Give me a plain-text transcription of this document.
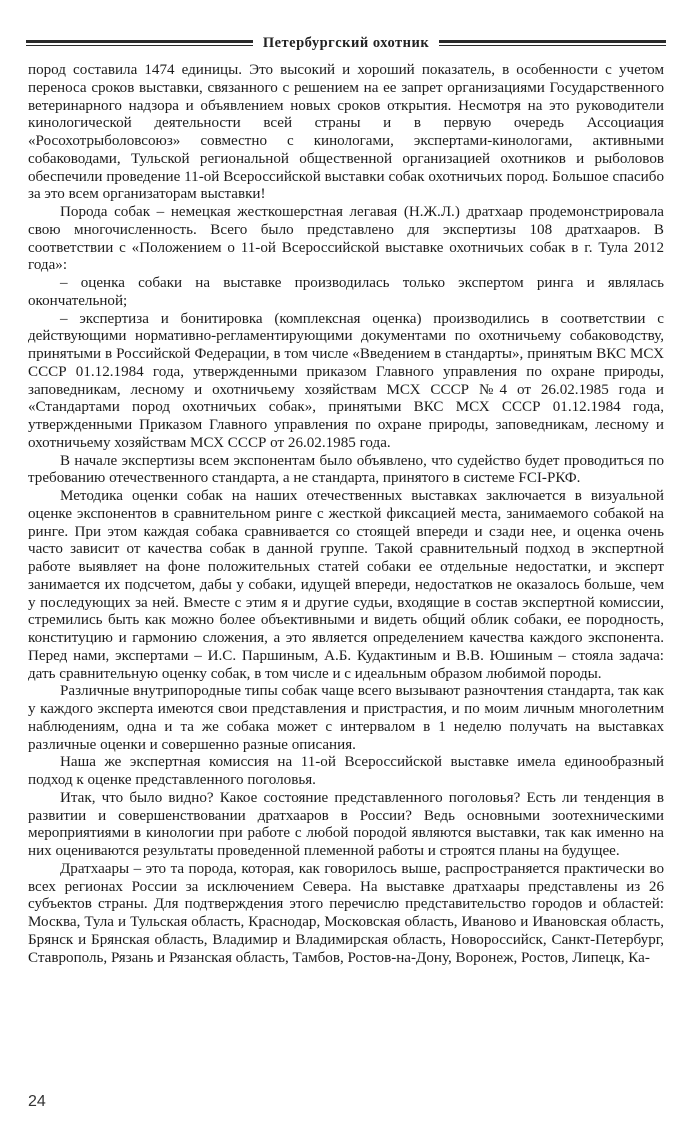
Петербургский охотник

пород составила 1474 единицы. Это высокий и хороший показатель, в особенности с учетом переноса сроков выставки, связанного с решением на ее запрет организациями Государственного ветеринарного надзора и объявлением новых сроков открытия. Несмотря на это руководители кинологической деятельности всей страны и в первую очередь Ассоциация «Росохотрыболовсоюз» совместно с кинологами, экспертами-кинологами, активными собаководами, Тульской региональной общественной организацией охотников и рыболовов обеспечили проведение 11-ой Всероссийской выставки собак охотничьих пород. Большое спасибо за это всем организаторам выставки!

Порода собак – немецкая жесткошерстная легавая (Н.Ж.Л.) дратхаар продемонстрировала свою многочисленность. Всего было представлено для экспертизы 108 дратхааров. В соответствии с «Положением о 11-ой Всероссийской выставке охотничьих собак в г. Тула 2012 года»:

– оценка собаки на выставке производилась только экспертом ринга и являлась окончательной;

– экспертиза и бонитировка (комплексная оценка) производились в соответствии с действующими нормативно-регламентирующими документами по охотничьему собаководству, принятыми в Российской Федерации, в том числе «Введением в стандарты», принятым ВКС МСХ СССР 01.12.1984 года, утвержденными приказом Главного управления по охране природы, заповедникам, лесному и охотничьему хозяйствам МСХ СССР №4 от 26.02.1985 года и «Стандартами пород охотничьих собак», принятыми ВКС МСХ СССР 01.12.1984 года, утвержденными Приказом Главного управления по охране природы, заповедникам, лесному и охотничьему хозяйствам МСХ СССР от 26.02.1985 года.

В начале экспертизы всем экспонентам было объявлено, что судейство будет проводиться по требованию отечественного стандарта, а не стандарта, принятого в системе FCI-РКФ.

Методика оценки собак на наших отечественных выставках заключается в визуальной оценке экспонентов в сравнительном ринге с жесткой фиксацией места, занимаемого собакой на ринге. При этом каждая собака сравнивается со стоящей впереди и сзади нее, и оценка очень часто зависит от качества собак в данной группе. Такой сравнительный подход в экспертной работе выявляет на фоне положительных статей собаки ее отдельные недостатки, и эксперт занимается их подсчетом, дабы у собаки, идущей впереди, недостатков не оказалось больше, чем у последующих за ней. Вместе с этим я и другие судьи, входящие в состав экспертной комиссии, стремились быть как можно более объективными и видеть общий облик собаки, ее породность, конституцию и гармонию сложения, а это является определением качества каждого экспонента. Перед нами, экспертами – И.С. Паршиным, А.Б. Кудактиным и В.В. Юшиным – стояла задача: дать сравнительную оценку собак, в том числе и с идеальным образом любимой породы.

Различные внутрипородные типы собак чаще всего вызывают разночтения стандарта, так как у каждого эксперта имеются свои представления и пристрастия, и по моим личным многолетним наблюдениям, одна и та же собака может с интервалом в 1 неделю получать на выставках различные оценки и совершенно разные описания.

Наша же экспертная комиссия на 11-ой Всероссийской выставке имела единообразный подход к оценке представленного поголовья.

Итак, что было видно? Какое состояние представленного поголовья? Есть ли тенденция в развитии и совершенствовании дратхааров в России? Ведь основными зоотехническими мероприятиями в кинологии при работе с любой породой являются выставки, так как именно на них оцениваются результаты проведенной племенной работы и строятся планы на будущее.

Дратхаары – это та порода, которая, как говорилось выше, распространяется практически во всех регионах России за исключением Севера. На выставке дратхаары представлены из 26 субъектов страны. Для подтверждения этого перечислю представительство городов и областей: Москва, Тула и Тульская область, Краснодар, Московская область, Иваново и Ивановская область, Брянск и Брянская область, Владимир и Владимирская область, Новороссийск, Санкт-Петербург, Ставрополь, Рязань и Рязанская область, Тамбов, Ростов-на-Дону, Воронеж, Ростов, Липецк, Ка-

24
